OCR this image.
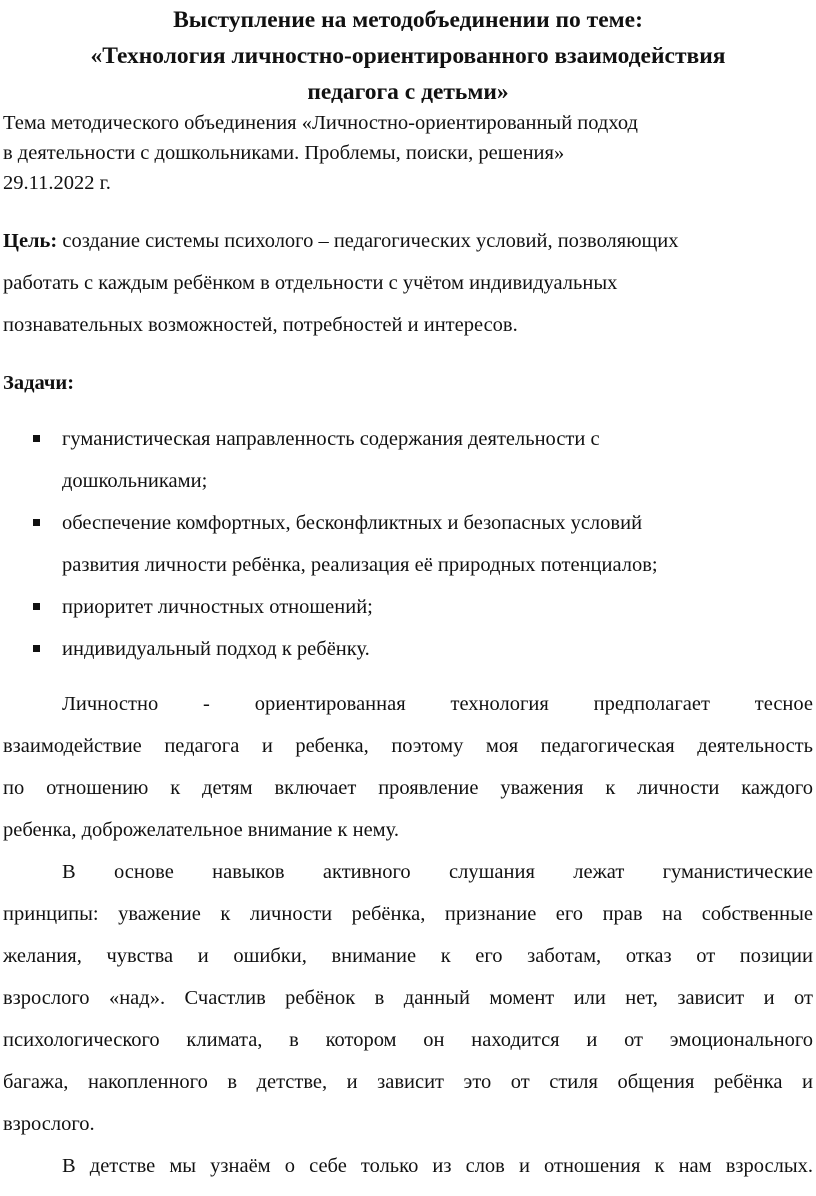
Выступление на методобъединении по теме:
«Технология личностно-ориентированного взаимодействия
педагога с детьми»
Тема методического объединения «Личностно-ориентированный подход
в деятельности с дошкольниками. Проблемы, поиски, решения»
29.11.2022 г.
Цель: создание системы психолого – педагогических условий, позволяющих
работать с каждым ребёнком в отдельности с учётом индивидуальных
познавательных возможностей, потребностей и интересов.
Задачи:
гуманистическая направленность содержания деятельности с
дошкольниками;
обеспечение комфортных, бесконфликтных и безопасных условий
развития личности ребёнка, реализация её природных потенциалов;
приоритет личностных отношений;
индивидуальный подход к ребёнку.
Личностно - ориентированная технология предполагает тесное
взаимодействие педагога и ребенка, поэтому моя педагогическая деятельность
по отношению к детям включает проявление уважения к личности каждого
ребенка, доброжелательное внимание к нему.
В основе навыков активного слушания лежат гуманистические
принципы: уважение к личности ребёнка, признание его прав на собственные
желания, чувства и ошибки, внимание к его заботам, отказ от позиции
взрослого «над». Счастлив ребёнок в данный момент или нет, зависит и от
психологического климата, в котором он находится и от эмоционального
багажа, накопленного в детстве, и зависит это от стиля общения ребёнка и
взрослого.
В детстве мы узнаём о себе только из слов и отношения к нам взрослых.
